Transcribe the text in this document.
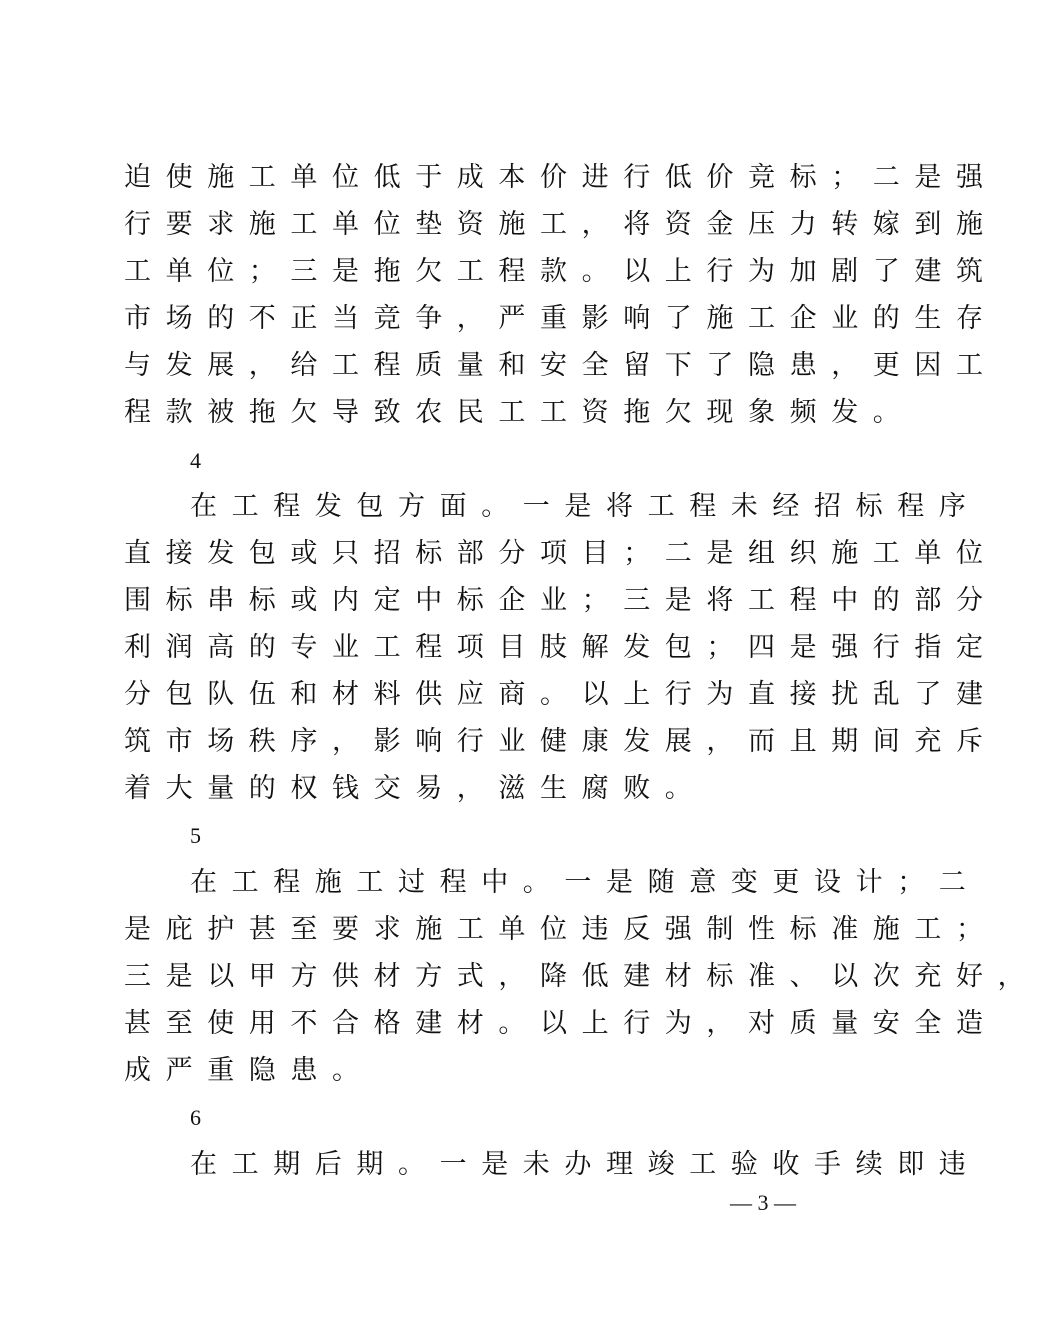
迫使施工单位低于成本价进行低价竞标；二是强
行要求施工单位垫资施工，将资金压力转嫁到施
工单位；三是拖欠工程款。以上行为加剧了建筑
市场的不正当竞争，严重影响了施工企业的生存
与发展，给工程质量和安全留下了隐患，更因工
程款被拖欠导致农民工工资拖欠现象频发。
4
在工程发包方面。一是将工程未经招标程序
直接发包或只招标部分项目；二是组织施工单位
围标串标或内定中标企业；三是将工程中的部分
利润高的专业工程项目肢解发包；四是强行指定
分包队伍和材料供应商。以上行为直接扰乱了建
筑市场秩序，影响行业健康发展，而且期间充斥
着大量的权钱交易，滋生腐败。
5
在工程施工过程中。一是随意变更设计；二
是庇护甚至要求施工单位违反强制性标准施工；
三是以甲方供材方式，降低建材标准、以次充好，
甚至使用不合格建材。以上行为，对质量安全造
成严重隐患。
6
在工期后期。一是未办理竣工验收手续即违
— 3 —
